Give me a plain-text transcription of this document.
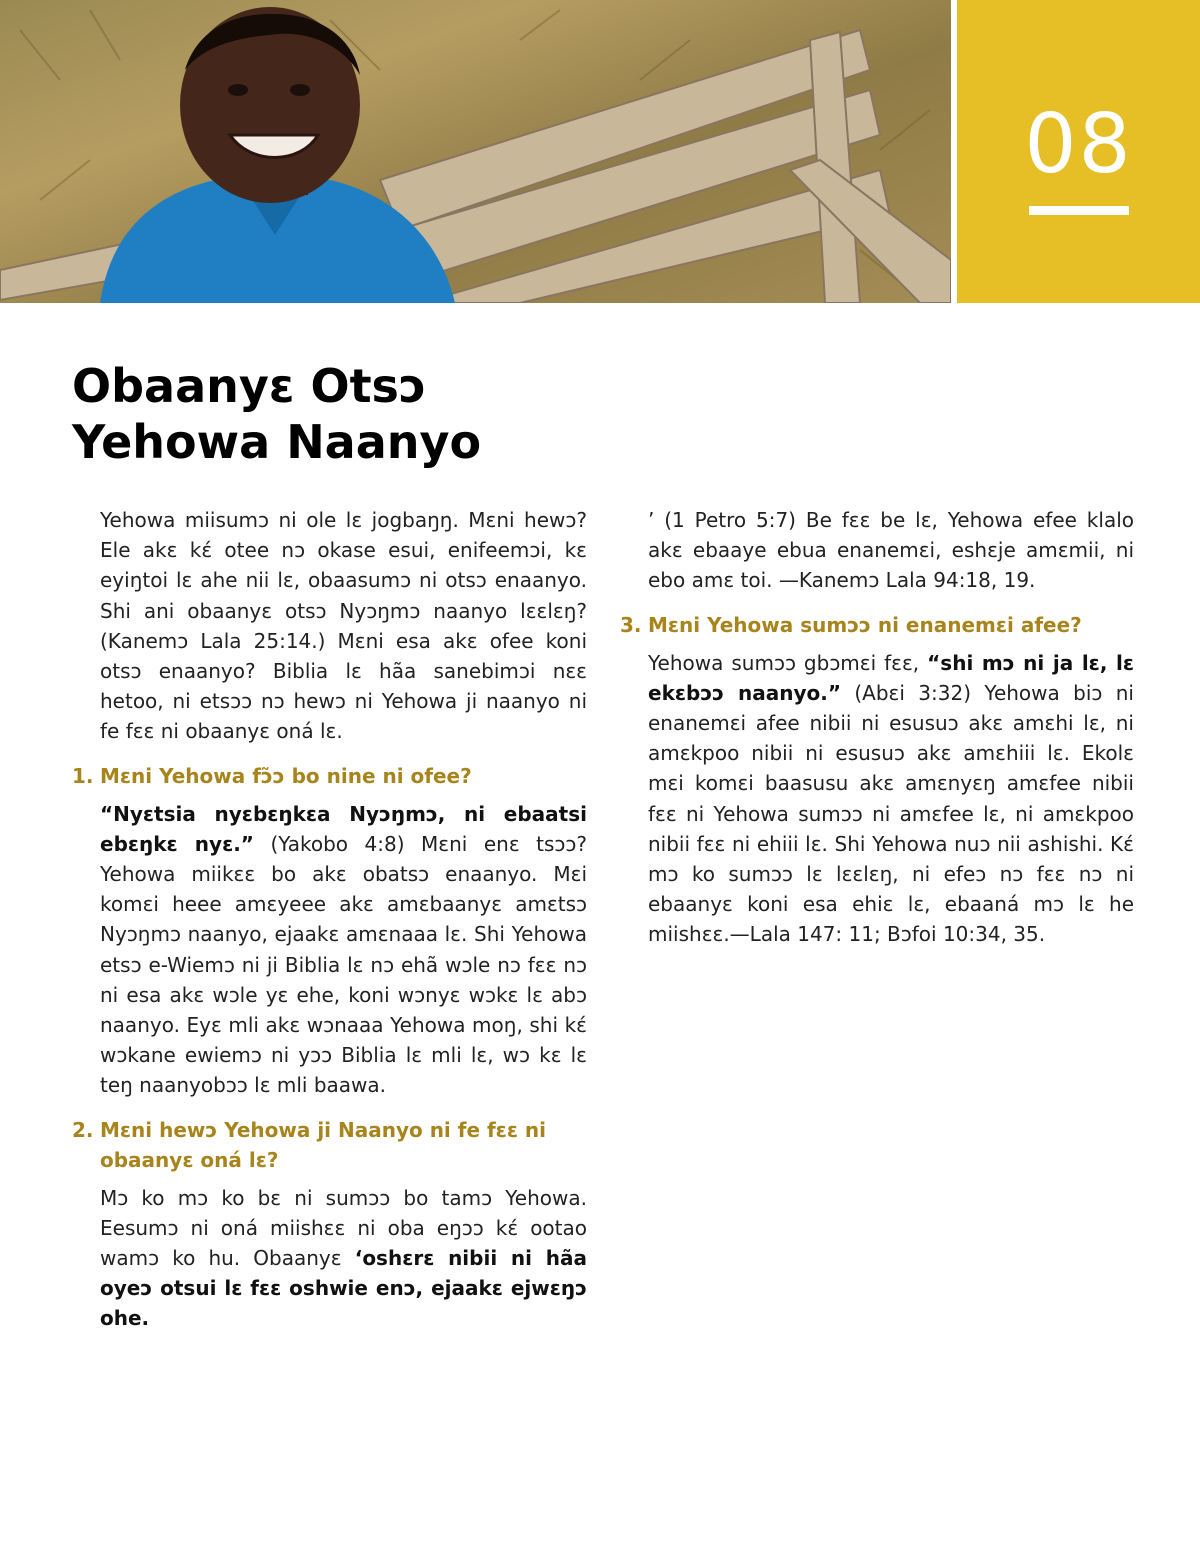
08
Obaanyɛ Otsɔ
Yehowa Naanyo

Yehowa miisumɔ ni ole lɛ jogbaŋŋ. Mɛni hewɔ? Ele akɛ kɛ́ otee nɔ okase esui, enifeemɔi, kɛ eyiŋtoi lɛ ahe nii lɛ, obaasumɔ ni otsɔ enaanyo. Shi ani obaanyɛ otsɔ Nyɔŋmɔ naanyo lɛɛlɛŋ? (Kanemɔ Lala 25:14.) Mɛni esa akɛ ofee koni otsɔ enaanyo? Biblia lɛ hãa sanebimɔi nɛɛ hetoo, ni etsɔɔ nɔ hewɔ ni Yehowa ji naanyo ni fe fɛɛ ni obaanyɛ oná lɛ.

1. Mɛni Yehowa fɔ̃ɔ bo nine ni ofee?

“Nyɛtsia nyɛbɛŋkɛa Nyɔŋmɔ, ni ebaatsi ebɛŋkɛ nyɛ.” (Yakobo 4:8) Mɛni enɛ tsɔɔ? Yehowa miikɛɛ bo akɛ obatsɔ enaanyo. Mɛi komɛi heee amɛyeee akɛ amɛbaanyɛ amɛtsɔ Nyɔŋmɔ naanyo, ejaakɛ amɛnaaa lɛ. Shi Yehowa etsɔ e-Wiemɔ ni ji Biblia lɛ nɔ ehã wɔle nɔ fɛɛ nɔ ni esa akɛ wɔle yɛ ehe, koni wɔnyɛ wɔkɛ lɛ abɔ naanyo. Eyɛ mli akɛ wɔnaaa Yehowa moŋ, shi kɛ́ wɔkane ewiemɔ ni yɔɔ Biblia lɛ mli lɛ, wɔ kɛ lɛ teŋ naanyobɔɔ lɛ mli baawa.

2. Mɛni hewɔ Yehowa ji Naanyo ni fe fɛɛ ni obaanyɛ oná lɛ?

Mɔ ko mɔ ko bɛ ni sumɔɔ bo tamɔ Yehowa. Eesumɔ ni oná miishɛɛ ni oba eŋɔɔ kɛ́ ootao wamɔ ko hu. Obaanyɛ ‘oshɛrɛ nibii ni hãa oyeɔ otsui lɛ fɛɛ oshwie enɔ, ejaakɛ ejwɛŋɔ ohe.

’ (1 Petro 5:7) Be fɛɛ be lɛ, Yehowa efee klalo akɛ ebaaye ebua enanemɛi, eshɛje amɛmii, ni ebo amɛ toi. —Kanemɔ Lala 94:18, 19.

3. Mɛni Yehowa sumɔɔ ni enanemɛi afee?

Yehowa sumɔɔ gbɔmɛi fɛɛ, “shi mɔ ni ja lɛ, lɛ ekɛbɔɔ naanyo.” (Abɛi 3:32) Yehowa biɔ ni enanemɛi afee nibii ni esusuɔ akɛ amɛhi lɛ, ni amɛkpoo nibii ni esusuɔ akɛ amɛhiii lɛ. Ekolɛ mɛi komɛi baasusu akɛ amɛnyɛŋ amɛfee nibii fɛɛ ni Yehowa sumɔɔ ni amɛfee lɛ, ni amɛkpoo nibii fɛɛ ni ehiii lɛ. Shi Yehowa nuɔ nii ashishi. Kɛ́ mɔ ko sumɔɔ lɛ lɛɛlɛŋ, ni efeɔ nɔ fɛɛ nɔ ni ebaanyɛ koni esa ehiɛ lɛ, ebaaná mɔ lɛ he miishɛɛ.—Lala 147: 11; Bɔfoi 10:34, 35.
